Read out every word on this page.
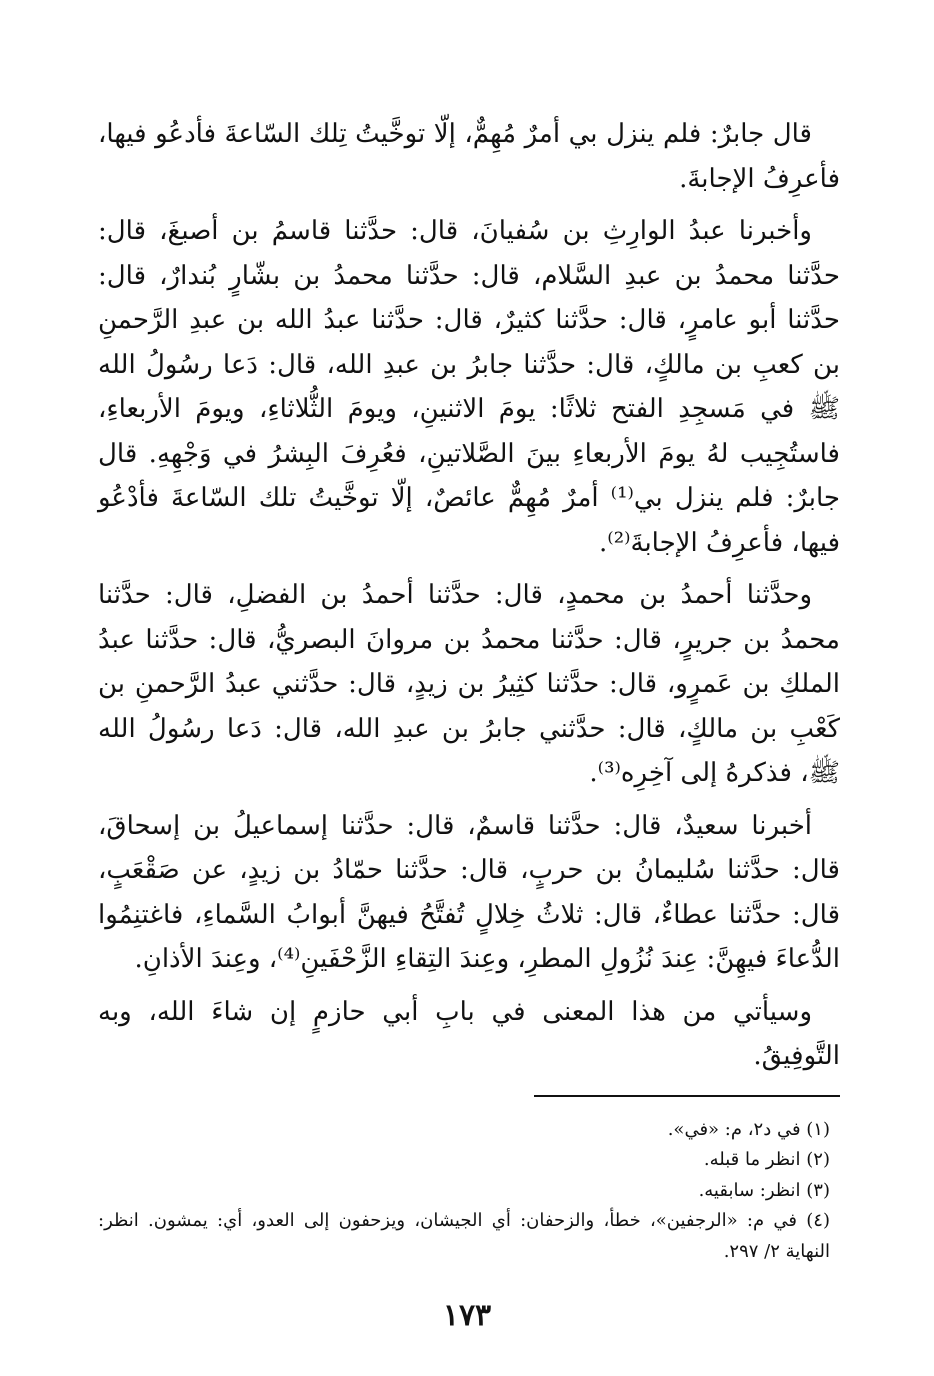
قال جابرٌ: فلم ينزل بي أمرٌ مُهِمٌّ، إلّا توخَّيتُ تِلك السّاعةَ فأدعُو فيها، فأعرِفُ الإجابةَ.

وأخبرنا عبدُ الوارِثِ بن سُفيانَ، قال: حدَّثنا قاسمُ بن أصبغَ، قال: حدَّثنا محمدُ بن عبدِ السَّلام، قال: حدَّثنا محمدُ بن بشّارٍ بُندارٌ، قال: حدَّثنا أبو عامرٍ، قال: حدَّثنا كثيرٌ، قال: حدَّثنا عبدُ الله بن عبدِ الرَّحمنِ بن كعبِ بن مالكٍ، قال: حدَّثنا جابرُ بن عبدِ الله، قال: دَعا رسُولُ الله ﷺ في مَسجِدِ الفتح ثلاثًا: يومَ الاثنينِ، ويومَ الثُّلاثاءِ، ويومَ الأربعاءِ، فاستُجِيب لهُ يومَ الأربعاءِ بينَ الصَّلاتينِ، فعُرِفَ البِشرُ في وَجْهِهِ. قال جابرٌ: فلم ينزل بي⁽¹⁾ أمرٌ مُهِمٌّ عائصٌ، إلّا توخَّيتُ تلك السّاعةَ فأدْعُو فيها، فأعرِفُ الإجابةَ⁽²⁾.

وحدَّثنا أحمدُ بن محمدٍ، قال: حدَّثنا أحمدُ بن الفضلِ، قال: حدَّثنا محمدُ بن جريرٍ، قال: حدَّثنا محمدُ بن مروانَ البصريُّ، قال: حدَّثنا عبدُ الملكِ بن عَمرٍو، قال: حدَّثنا كثِيرُ بن زيدٍ، قال: حدَّثني عبدُ الرَّحمنِ بن كَعْبِ بن مالكٍ، قال: حدَّثني جابرُ بن عبدِ الله، قال: دَعا رسُولُ الله ﷺ، فذكرهُ إلى آخِرِه⁽³⁾.

أخبرنا سعيدٌ، قال: حدَّثنا قاسمٌ، قال: حدَّثنا إسماعيلُ بن إسحاقَ، قال: حدَّثنا سُليمانُ بن حربٍ، قال: حدَّثنا حمّادُ بن زيدٍ، عن صَقْعَبٍ، قال: حدَّثنا عطاءٌ، قال: ثلاثُ خِلالٍ تُفتَّحُ فيهنَّ أبوابُ السَّماءِ، فاغتنِمُوا الدُّعاءَ فيهِنَّ: عِندَ نُزُولِ المطرِ، وعِندَ التِقاءِ الزَّحْفَينِ⁽⁴⁾، وعِندَ الأذانِ.

وسيأتي من هذا المعنى في بابِ أبي حازمٍ إن شاءَ الله، وبه التَّوفِيقُ.

(١) في د٢، م: «في».

(٢) انظر ما قبله.

(٣) انظر: سابقيه.

(٤) في م: «الرجفين»، خطأ، والزحفان: أي الجيشان، ويزحفون إلى العدو، أي: يمشون. انظر: النهاية ٢/ ٢٩٧.

١٧٣
